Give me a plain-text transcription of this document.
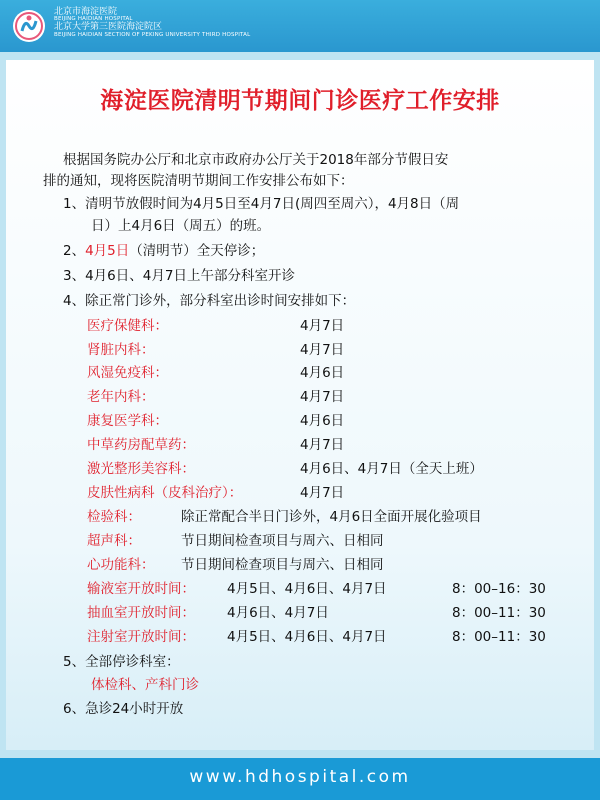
北京市海淀医院
BEIJING HAIDIAN HOSPITAL
北京大学第三医院海淀院区
BEIJING HAIDIAN SECTION OF PEKING UNIVERSITY THIRD HOSPITAL
海淀医院清明节期间门诊医疗工作安排
根据国务院办公厅和北京市政府办公厅关于2018年部分节假日安
排的通知，现将医院清明节期间工作安排公布如下：
1、清明节放假时间为4月5日至4月7日(周四至周六），4月8日（周
日）上4月6日（周五）的班。
2、4月5日（清明节）全天停诊；
3、4月6日、4月7日上午部分科室开诊
4、除正常门诊外，部分科室出诊时间安排如下：
医疗保健科：	4月7日
肾脏内科：	4月7日
风湿免疫科：	4月6日
老年内科：	4月7日
康复医学科：	4月6日
中草药房配草药：	4月7日
激光整形美容科：	4月6日、4月7日（全天上班）
皮肤性病科（皮科治疗）：	4月7日
检验科：	除正常配合半日门诊外，4月6日全面开展化验项目
超声科：	节日期间检查项目与周六、日相同
心功能科： 节日期间检查项目与周六、日相同
输液室开放时间： 4月5日、4月6日、4月7日	8：00–16：30
抽血室开放时间： 4月6日、4月7日	8：00–11：30
注射室开放时间： 4月5日、4月6日、4月7日	8：00–11：30
5、全部停诊科室：
体检科、产科门诊
6、急诊24小时开放
www.hdhospital.com
